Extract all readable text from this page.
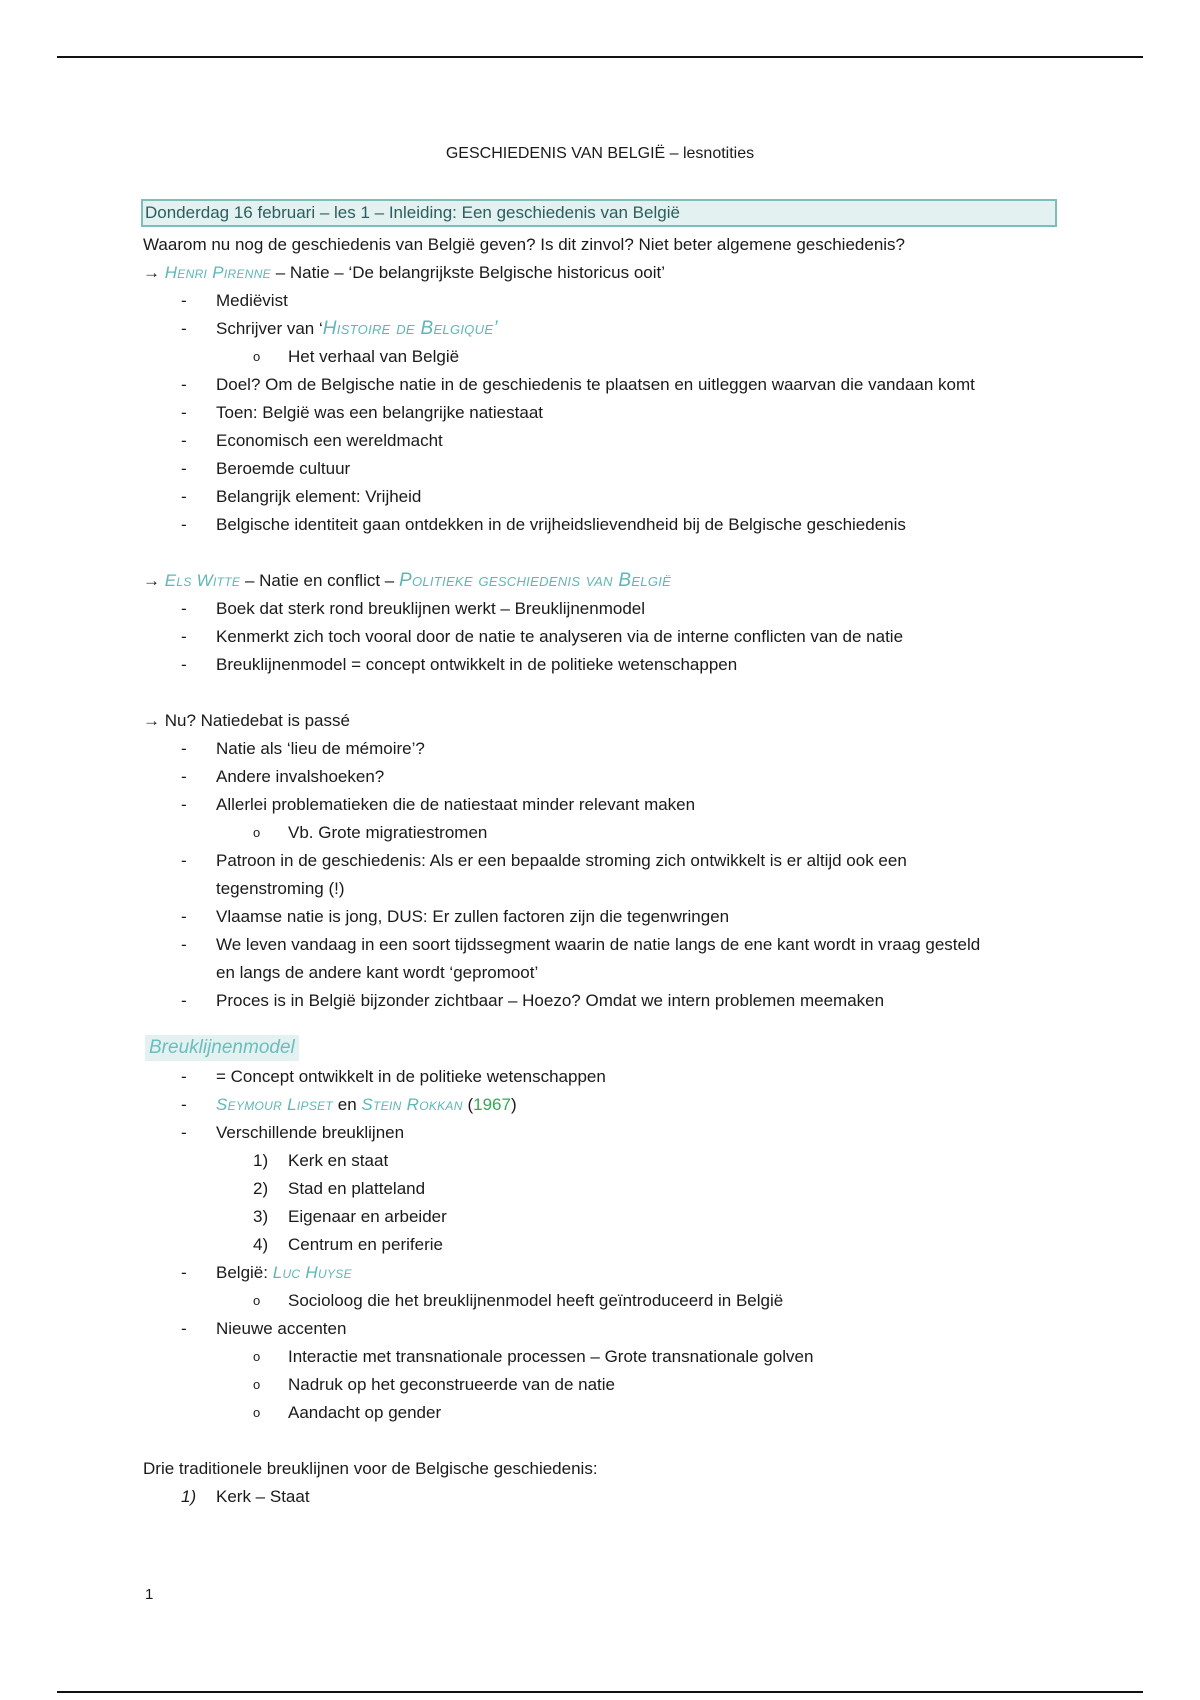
GESCHIEDENIS VAN BELGIË – lesnotities
Donderdag 16 februari – les 1 – Inleiding: Een geschiedenis van België
Waarom nu nog de geschiedenis van België geven? Is dit zinvol? Niet beter algemene geschiedenis?
→ Henri Pirenne – Natie – ‘De belangrijkste Belgische historicus ooit’
- Mediëvist
- Schrijver van ‘Histoire de Belgique’
o Het verhaal van België
- Doel? Om de Belgische natie in de geschiedenis te plaatsen en uitleggen waarvan die vandaan komt
- Toen: België was een belangrijke natiestaat
- Economisch een wereldmacht
- Beroemde cultuur
- Belangrijk element: Vrijheid
- Belgische identiteit gaan ontdekken in de vrijheidslievendheid bij de Belgische geschiedenis
→ Els Witte – Natie en conflict – Politieke geschiedenis van België
- Boek dat sterk rond breuklijnen werkt – Breuklijnenmodel
- Kenmerkt zich toch vooral door de natie te analyseren via de interne conflicten van de natie
- Breuklijnenmodel = concept ontwikkelt in de politieke wetenschappen
→ Nu? Natiedebat is passé
- Natie als ‘lieu de mémoire’?
- Andere invalshoeken?
- Allerlei problematieken die de natiestaat minder relevant maken
o Vb. Grote migratiestromen
- Patroon in de geschiedenis: Als er een bepaalde stroming zich ontwikkelt is er altijd ook een
tegenstroming (!)
- Vlaamse natie is jong, DUS: Er zullen factoren zijn die tegenwringen
- We leven vandaag in een soort tijdssegment waarin de natie langs de ene kant wordt in vraag gesteld
en langs de andere kant wordt ‘gepromoot’
- Proces is in België bijzonder zichtbaar – Hoezo? Omdat we intern problemen meemaken
Breuklijnenmodel
- = Concept ontwikkelt in de politieke wetenschappen
- Seymour Lipset en Stein Rokkan (1967)
- Verschillende breuklijnen
1) Kerk en staat
2) Stad en platteland
3) Eigenaar en arbeider
4) Centrum en periferie
- België: Luc Huyse
o Socioloog die het breuklijnenmodel heeft geïntroduceerd in België
- Nieuwe accenten
o Interactie met transnationale processen – Grote transnationale golven
o Nadruk op het geconstrueerde van de natie
o Aandacht op gender
Drie traditionele breuklijnen voor de Belgische geschiedenis:
1) Kerk – Staat
1
